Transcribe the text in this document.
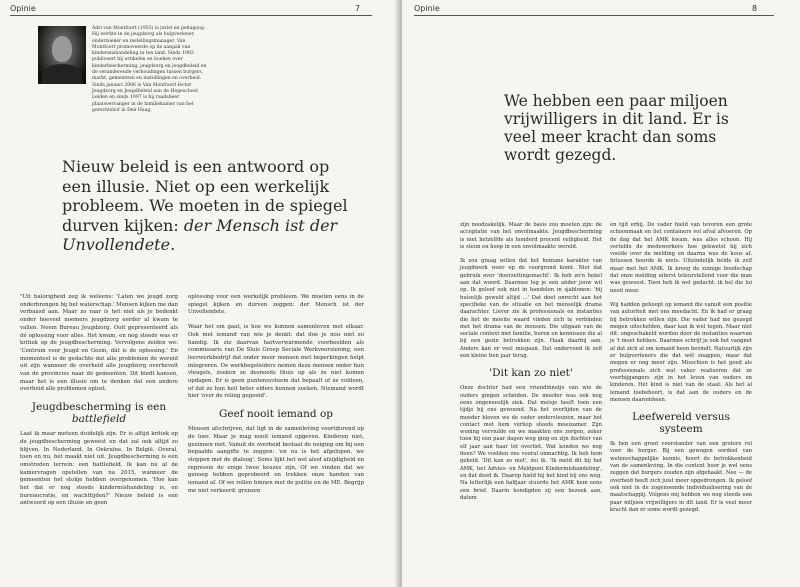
Opinie	7
Adri van Montfoort (1955) is jurist en pedagoog. Hij werkte in de jeugdzorg als hulpverlener, onderzoeker en instellingsmanager. Van Montfoort promoveerde op de aanpak van kindermishandeling in ten land. Sinds 1983 publiceert hij artikelen en boeken over kinderbescherming, jeugdzorg en jeugdbeleid en de veranderende verhoudingen tussen burgers, markt, gemeenten en instellingen en overheid. Sinds januari 2006 is Van Montfoort lector Jeugdzorg en Jeugdbeleid aan de Hogeschool Leiden en sinds 1997 is hij raadsheer plaatsvervanger in de familiekamer van het gerechtshof in Den Haag.
Nieuw beleid is een antwoord op een illusie. Niet op een werkelijk probleem. We moeten in de spiegel durven kijken: der Mensch ist der Unvollendete.

"Uit balorigheid zeg ik weleens: 'Laten we jeugd zorg onderbrengen bij het waterschap.' Mensen kijken me dan verbaasd aan. Maar zo raar is het niet als je bedenkt onder hoeveel noemers jeugdzorg eerder al kwam te vallen. Neem Bureau Jeugdzorg. Ooit gepresenteerd als dé oplossing voor alles. Het kwam, en nog steeds was er kritiek op de jeugdbescherming. Vervolgens zeiden we: 'Centrum voor Jeugd en Gezin, dát is de oplossing.' En momenteel is de gedachte dat alle problemen de wereld uit zijn wanneer de overheid alle jeugdzorg overhevelt van de provincies naar de gemeenten. Dit biedt kansen, maar het is een illusie om te denken dat een andere overheid alle problemen oplost.

Jeugdbescherming is een battlefield

Laat ik maar meteen duidelijk zijn. Er is altijd kritiek op de jeugdbescherming geweest en dat zal ook altijd zo blijven. In Nederland. In Oekraïne. In België. Overal, toen en nu, het maakt niet uit. Jeugdbescherming is een omstreden terrein: een battlefield. Ik kan nu al de kamervragen opstellen van na 2015, wanneer de gemeenten het stokje hebben overgenomen. 'Hoe kan het dat er nog steeds kindermishandeling is, en bureaucratie, en wachttijden?' Nieuw beleid is een antwoord op een illusie en geen

oplossing voor een werkelijk probleem. We moeten eens in de spiegel kijken en durven zeggen: der Mensch ist der Unvollendete.

Waar het om gaat, is hoe we kunnen samenleven met elkaar. Ook met iemand van wie je denkt: dat doe je nou niet zo handig. Ik zie daarvan hartverwarmende voorbeelden als commissaris van De Sluis Groep Sociale Werkvoorziening, een leerwerkbedrijf dat onder meer mensen met beperkingen helpt integreren. De werkbegeleiders nemen deze mensen onder hun vleugels, zoeken ze desnoods thuis op als ze niet komen opdagen. Er is geen puntensysteem dat bepaalt of ze voldoen, of dat ze hun heil beter elders kunnen zoeken. Niemand wordt hier 'over de reling gegooid'.

Geef nooit iemand op

Mensen afschrijven, dat ligt in de samenleving voortdurend op de loer. Maar je mag nooit iemand opgeven. Kinderen niet, gezinnen niet. Vanuit de overheid bestaat de neiging om bij een bepaalde aangifte te zeggen: 'en nu is het afgelopen, we stoppen met de dialoog'. Soms lijkt het wel alsof afzijdigheid en repressie de enige twee keuzes zijn. Of we vinden dat we genoeg hebben geprobeerd en trekken onze handen van iemand af. Of we rollen binnen met de politie en de ME. Begrijp me niet verkeerd: grenzen

Opinie	8
We hebben een paar miljoen vrijwilligers in dit land. Er is veel meer kracht dan soms wordt gezegd.

zijn noodzakelijk. Maar de basis zou moeten zijn: de acceptatie van het onvolmaakte. Jeugdbescherming is niet hetzelfde als honderd procent veiligheid. Het is steun en hoop in een onvolmaakte wereld.

Ik zou graag willen dat het humane karakter van jeugdwerk weer op de voorgrond komt. Niet dat gebruik over 'doorzettingsmacht'. Ik heb zo'n hekel aan dat woord. Daarmee leg je een ander jouw wil op. Ik geloof ook niet in handelen in sjablonen: 'bij huiselijk geweld altijd ...' Dat doet onrecht aan het specifieke van de situatie en het menselijk drama daarachter. Liever zie ik professionals en instanties die het de moeite waard vinden zich te verbinden met het drama van de mensen. Die uitgaan van de sociale context met familie, buren en kennissen die al bij een gezin betrokken zijn. Haak daarbij aan. Anders kan er veel misgaan. Dat ondervond ik zelf een kleine tien jaar terug.

'Dit kan zo niet'

Onze dochter had een vriendinnetje van wie de ouders gingen scheiden. De moeder was ook nog eens ongeneeslijk ziek. Dat meisje heeft toen een tijdje bij ons gewoond. Na het overlijden van de moeder bleven we de vader ondersteunen, maar het contact met hem verliep steeds moeizamer. Zijn woning verviulde en we maakten ons zorgen, zeker toen hij een paar dagen weg ging en zijn dochter van elf jaar aan haar lot overliet. Wat konden we nog doen? We voelden ons vooral onmachtig. Ik heb hem gebeld. 'Dit kan zo niet', zei ik. 'Ik meld dit bij het AMK, het Advies- en Meldpunt Kindermishandeling', en dat deed ik. Daarop hield hij het kind bij ons weg. Na letterlijk een halfjaar stuurde het AMK hem eens een brief. Daarin kondigden zij een bezoek aan, datum

en tijd erbij. De vader hield van tevoren een grote schoonmaak en liet containers vol afval afvoeren. Op de dag dat het AMK kwam, was alles schoon. Hij vertelde de medewerkers hoe gekwetst hij zich voelde over de melding en daarna was de kous af. Intussen hoorde ik niets. Uiteindelijk belde ik zelf maar met het AMK. Ik kreeg de zuinige boodschap dat onze melding uiterst teleurstellend voor die man was geweest. Toen heb ik wel gedacht: ik bel die lui nooit meer.

Wij hadden gehoopt op iemand die vanuit een positie van autoriteit met ons meedacht. En ik had er graag bij betrokken willen zijn. Die vader had me gezegd mogen uitschelden, daar kan ik wel tegen. Maar niet dit: ongeschakeld worden door de instanties waarvan je 't moet hebben. Daarmee schrijf je ook het vangnet af dat zich al om iemand heen bevindt. Natuurlijk zijn er hulpverleners die dat wél snappen, maar dat mogen er nog meer zijn. Misschien is het goed als professionals zich wat vaker realiseren dat ze voorbijgangers zijn in het leven van ouders en kinderen. Het kind is niet van de staat. Als het al iemand toebehoort, is dat aan de ouders en de mensen daaromheen.

Leefwereld versus systeem

Ik ben een groot voorstander van een grotere rol voor de burger. Bij een gewogen oordeel van wetenschappelijke kennis, hoort de betrokkenheid van de samenleving. In die context hoor je wel eens zeggen dat burgers zouden zijn afgehaakt. Nee — de overheid heeft zich juist meer opgedrongen. Ik geloof ook niet in de zogenoemde individualisering van de maatschappij. Volgens mij hebben we nog steeds een paar miljoen vrijwilligers in dit land. Er is veel meer kracht dan er soms wordt gezegd.
